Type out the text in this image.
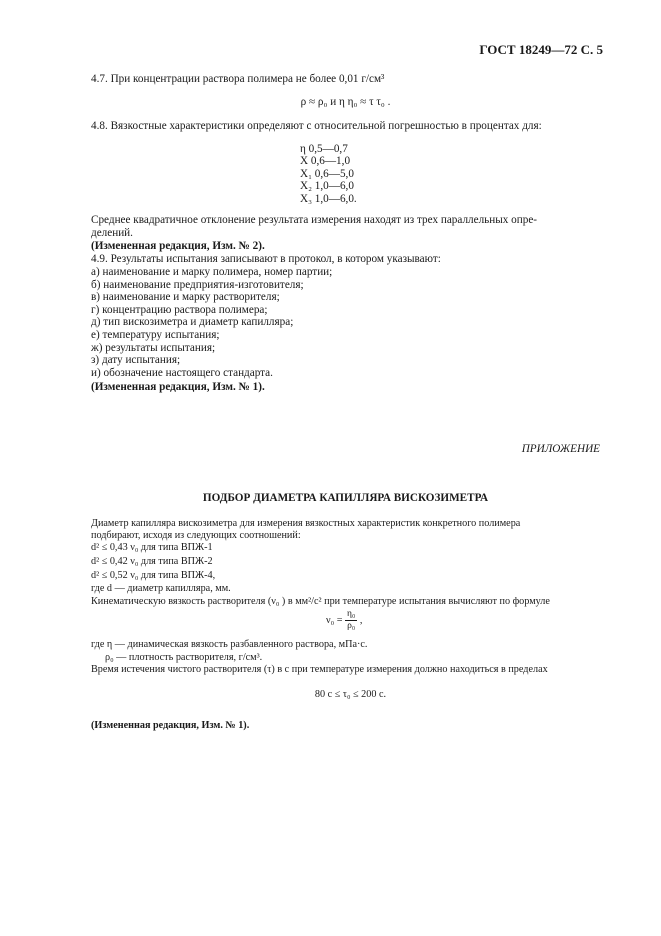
ГОСТ 18249—72 С. 5
4.7. При концентрации раствора полимера не более 0,01 г/см³
ρ ≈ ρ₀ и η η₀ ≈ τ τ₀ .
4.8. Вязкостные характеристики определяют с относительной погрешностью в процентах для:
η 0,5—0,7
X 0,6—1,0
X₁ 0,6—5,0
X₂ 1,0—6,0
X₃ 1,0—6,0.
Среднее квадратичное отклонение результата измерения находят из трех параллельных опре-
делений.
(Измененная редакция, Изм. № 2).
4.9. Результаты испытания записывают в протокол, в котором указывают:
а) наименование и марку полимера, номер партии;
б) наименование предприятия-изготовителя;
в) наименование и марку растворителя;
г) концентрацию раствора полимера;
д) тип вискозиметра и диаметр капилляра;
е) температуру испытания;
ж) результаты испытания;
з) дату испытания;
и) обозначение настоящего стандарта.
(Измененная редакция, Изм. № 1).
ПРИЛОЖЕНИЕ
ПОДБОР ДИАМЕТРА КАПИЛЛЯРА ВИСКОЗИМЕТРА
Диаметр капилляра вискозиметра для измерения вязкостных характеристик конкретного полимера
подбирают, исходя из следующих соотношений:
d² ≤ 0,43 ν₀ для типа ВПЖ-1
d² ≤ 0,42 ν₀ для типа ВПЖ-2
d² ≤ 0,52 ν₀ для типа ВПЖ-4,
где d — диаметр капилляра, мм.
Кинематическую вязкость растворителя (ν₀ ) в мм²/с² при температуре испытания вычисляют по формуле
$\nu_0 = \frac{\text{η₀}}{\text{ρ₀}}$ ,
где η — динамическая вязкость разбавленного раствора, мПа·с.
ρ₀ — плотность растворителя, г/см³.
Время истечения чистого растворителя (τ) в с при температуре измерения должно находиться в пределах
80 с ≤ τ₀ ≤ 200 с.
(Измененная редакция, Изм. № 1).
